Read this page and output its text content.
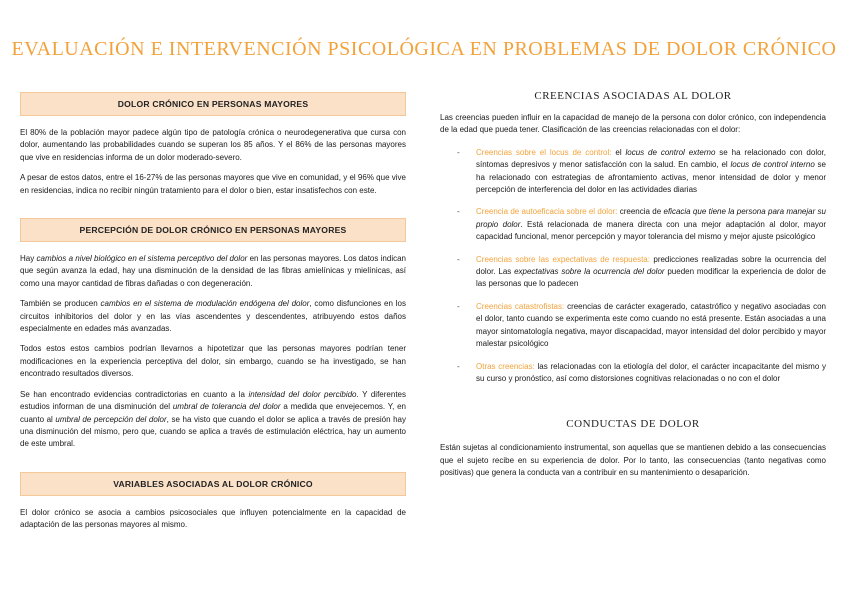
EVALUACIÓN E INTERVENCIÓN PSICOLÓGICA EN PROBLEMAS DE DOLOR CRÓNICO
DOLOR CRÓNICO EN PERSONAS MAYORES

El 80% de la población mayor padece algún tipo de patología crónica o neurodegenerativa que cursa con dolor, aumentando las probabilidades cuando se superan los 85 años. Y el 86% de las personas mayores que vive en residencias informa de un dolor moderado-severo.

A pesar de estos datos, entre el 16-27% de las personas mayores que vive en comunidad, y el 96% que vive en residencias, indica no recibir ningún tratamiento para el dolor o bien, estar insatisfechos con este.

PERCEPCIÓN DE DOLOR CRÓNICO EN PERSONAS MAYORES

Hay cambios a nivel biológico en el sistema perceptivo del dolor en las personas mayores. Los datos indican que según avanza la edad, hay una disminución de la densidad de las fibras amielínicas y mielínicas, así como una mayor cantidad de fibras dañadas o con degeneración.

También se producen cambios en el sistema de modulación endógena del dolor, como disfunciones en los circuitos inhibitorios del dolor y en las vías ascendentes y descendentes, atribuyendo estos daños especialmente en edades más avanzadas.

Todos estos estos cambios podrían llevarnos a hipotetizar que las personas mayores podrían tener modificaciones en la experiencia perceptiva del dolor, sin embargo, cuando se ha investigado, se han encontrado resultados diversos.

Se han encontrado evidencias contradictorias en cuanto a la intensidad del dolor percibido. Y diferentes estudios informan de una disminución del umbral de tolerancia del dolor a medida que envejecemos. Y, en cuanto al umbral de percepción del dolor, se ha visto que cuando el dolor se aplica a través de presión hay una disminución del mismo, pero que, cuando se aplica a través de estimulación eléctrica, hay un aumento de este umbral.

VARIABLES ASOCIADAS AL DOLOR CRÓNICO

El dolor crónico se asocia a cambios psicosociales que influyen potencialmente en la capacidad de adaptación de las personas mayores al mismo.

CREENCIAS ASOCIADAS AL DOLOR

Las creencias pueden influir en la capacidad de manejo de la persona con dolor crónico, con independencia de la edad que pueda tener. Clasificación de las creencias relacionadas con el dolor:

- Creencias sobre el locus de control: el locus de control externo se ha relacionado con dolor, síntomas depresivos y menor satisfacción con la salud. En cambio, el locus de control interno se ha relacionado con estrategias de afrontamiento activas, menor intensidad de dolor y menor percepción de interferencia del dolor en las actividades diarias

- Creencia de autoeficacia sobre el dolor: creencia de eficacia que tiene la persona para manejar su propio dolor. Está relacionada de manera directa con una mejor adaptación al dolor, mayor capacidad funcional, menor percepción y mayor tolerancia del mismo y mejor ajuste psicológico

- Creencias sobre las expectativas de respuesta: predicciones realizadas sobre la ocurrencia del dolor. Las expectativas sobre la ocurrencia del dolor pueden modificar la experiencia de dolor de las personas que lo padecen

- Creencias catastrofistas: creencias de carácter exagerado, catastrófico y negativo asociadas con el dolor, tanto cuando se experimenta este como cuando no está presente. Están asociadas a una mayor sintomatología negativa, mayor discapacidad, mayor intensidad del dolor percibido y mayor malestar psicológico

- Otras creencias: las relacionadas con la etiología del dolor, el carácter incapacitante del mismo y su curso y pronóstico, así como distorsiones cognitivas relacionadas o no con el dolor

CONDUCTAS DE DOLOR

Están sujetas al condicionamiento instrumental, son aquellas que se mantienen debido a las consecuencias que el sujeto recibe en su experiencia de dolor. Por lo tanto, las consecuencias (tanto negativas como positivas) que genera la conducta van a contribuir en su mantenimiento o desaparición.
